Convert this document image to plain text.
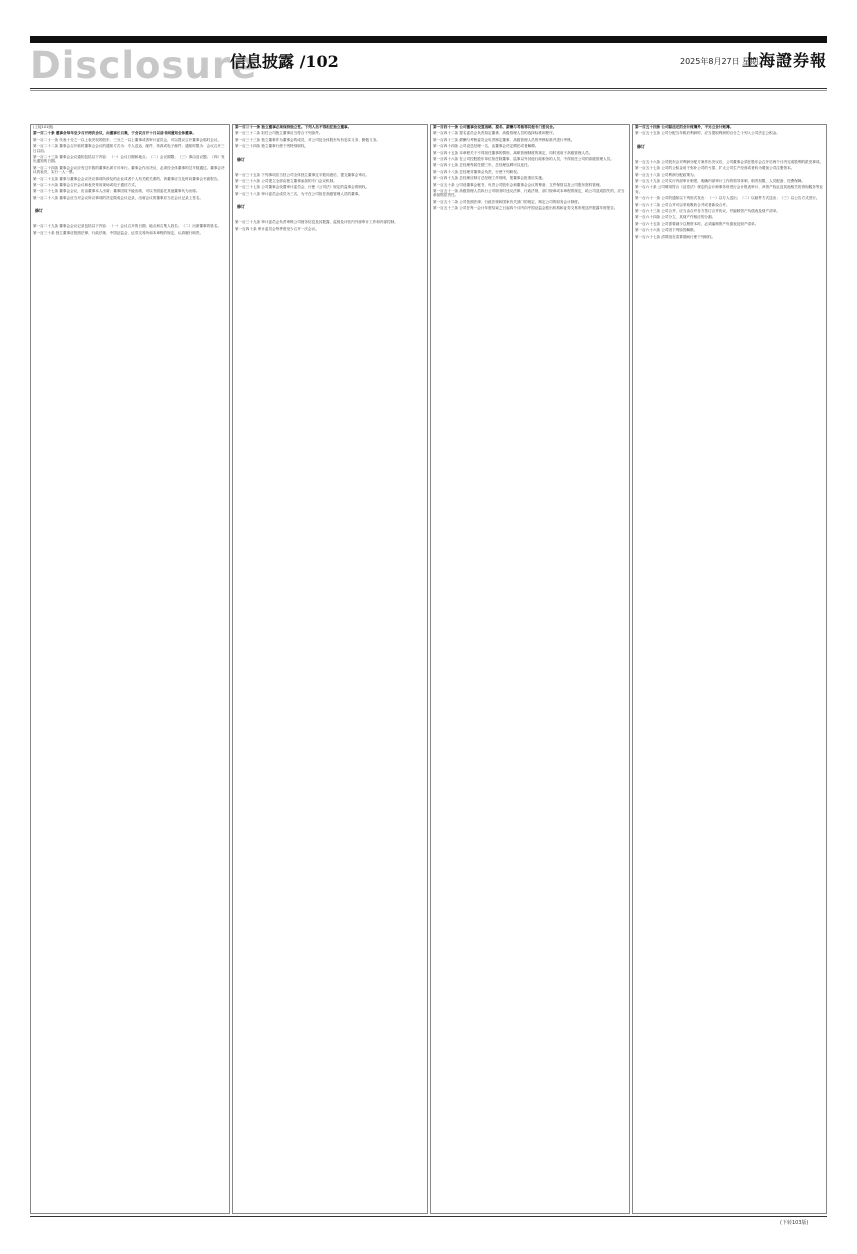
Disclosure
信息披露 /102	2025年8月27日 星期三
上海證券報

(上接101版)

第一百二十条 董事会每年至少召开两次会议，由董事长召集，于会议召开十日以前书面通知全体董事。

第一百二十一条 代表十分之一以上表决权的股东、三分之一以上董事或者审计委员会，可以提议召开董事会临时会议。

第一百二十二条 董事会召开临时董事会会议的通知方式为：专人送达、邮件、传真或电子邮件；通知时限为：会议召开三日以前。

第一百二十三条 董事会会议通知包括以下内容：（一）会议日期和地点；（二）会议期限；（三）事由及议题；（四）发出通知的日期。

第一百二十四条 董事会会议应有过半数的董事出席方可举行。董事会作出决议，必须经全体董事的过半数通过。董事会决议的表决，实行一人一票。

第一百二十五条 董事与董事会会议决议事项所涉及的企业或者个人有关联关系的，该董事应当及时向董事会书面报告。

第一百二十六条 董事会召开会议和表决采用现场或电子通信方式。

第一百二十七条 董事会会议，应由董事本人出席；董事因故不能出席，可以书面委托其他董事代为出席。

第一百二十八条 董事会应当对会议所议事项的决定做成会议记录，出席会议的董事应当在会议记录上签名。

修订

第一百二十九条 董事会会议记录包括以下内容：（一）会议召开的日期、地点和召集人姓名；（二）出席董事的姓名。

第一百三十条 独立董事应按照法律、行政法规、中国证监会、证券交易所和本章程的规定，认真履行职责。

第一百三十一条 独立董事必须保持独立性。下列人员不得担任独立董事。

第一百三十二条 担任公司独立董事应当符合下列条件。

第一百三十三条 独立董事作为董事会的成员，对公司及全体股东负有忠实义务、勤勉义务。

第一百三十四条 独立董事行使下列特别职权。

修订

第一百三十五条 下列事项应当经公司全体独立董事过半数同意后，提交董事会审议。

第一百三十六条 公司建立全部由独立董事参加的专门会议机制。

第一百三十七条 公司董事会设置审计委员会，行使《公司法》规定的监事会的职权。

第一百三十八条 审计委员会成员为三名，为不在公司担任高级管理人员的董事。

修订

第一百三十九条 审计委员会负责审核公司财务信息及其披露、监督及评估内外部审计工作和内部控制。

第一百四十条 审计委员会每季度至少召开一次会议。

第一百四十一条 公司董事会设置战略、提名、薪酬与考核等其他专门委员会。

第一百四十二条 提名委员会负责拟定董事、高级管理人员的选择标准和程序。

第一百四十三条 薪酬与考核委员会负责制定董事、高级管理人员的考核标准并进行考核。

第一百四十四条 公司设总经理一名，由董事会决定聘任或者解聘。

第一百四十五条 本章程关于不得担任董事的情形、离职管理制度的规定，同时适用于高级管理人员。

第一百四十六条 在公司控股股东单位担任除董事、监事以外其他行政职务的人员，不得担任公司的高级管理人员。

第一百四十七条 总经理每届任期三年，总经理连聘可以连任。

第一百四十八条 总经理对董事会负责，行使下列职权。

第一百四十九条 总经理应制订总经理工作细则，报董事会批准后实施。

第一百五十条 公司设董事会秘书，负责公司股东会和董事会会议的筹备、文件保管以及公司股东资料管理。

第一百五十一条 高级管理人员执行公司职务时违反法律、行政法规、部门规章或本章程的规定，给公司造成损失的，应当承担赔偿责任。

第一百五十二条 公司依照法律、行政法规和国家有关部门的规定，制定公司的财务会计制度。

第一百五十三条 公司在每一会计年度结束之日起四个月内向中国证监会派出机构和证券交易所报送并披露年度报告。

第一百五十四条 公司除法定的会计账簿外，不另立会计账簿。

第一百五十五条 公司分配当年税后利润时，应当提取利润的百分之十列入公司法定公积金。

修订

第一百五十六条 公司股东会对利润分配方案作出决议后，公司董事会须在股东会召开后两个月内完成股利的派发事项。

第一百五十七条 公司的公积金用于弥补公司的亏损、扩大公司生产经营或者转为增加公司注册资本。

第一百五十八条 公司利润分配政策为。

第一百五十九条 公司实行内部审计制度，明确内部审计工作的领导体制、职责权限、人员配备、经费保障。

第一百六十条 公司聘用符合《证券法》规定的会计师事务所进行会计报表审计、净资产验证及其他相关的咨询服务等业务。

第一百六十一条 公司的通知以下列形式发出：（一）以专人送出；（二）以邮件方式送出；（三）以公告方式进行。

第一百六十二条 公司合并可以采取吸收合并或者新设合并。

第一百六十三条 公司合并，应当由合并各方签订合并协议，并编制资产负债表及财产清单。

第一百六十四条 公司分立，其财产作相应的分割。

第一百六十五条 公司需要减少注册资本时，必须编制资产负债表及财产清单。

第一百六十六条 公司因下列原因解散。

第一百六十七条 清算组在清算期间行使下列职权。

(下转103版)
